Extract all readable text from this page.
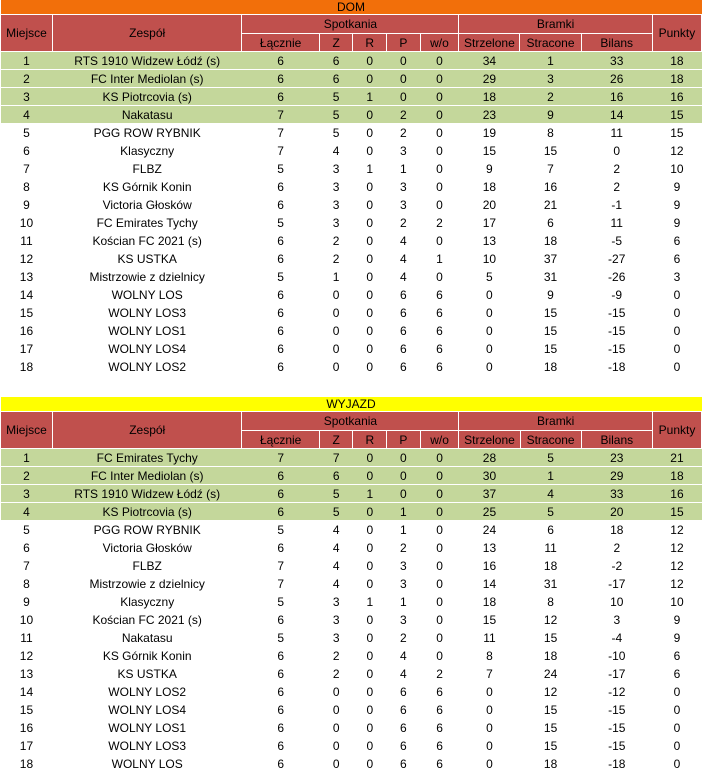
DOM										
Miejsce	Zespół	Spotkania					Bramki			Punkty
		Łącznie	Z	R	P	w/o	Strzelone	Stracone	Bilans	
1	RTS 1910 Widzew Łódź (s)	6	6	0	0	0	34	1	33	18
2	FC Inter Mediolan (s)	6	6	0	0	0	29	3	26	18
3	KS Piotrcovia (s)	6	5	1	0	0	18	2	16	16
4	Nakatasu	7	5	0	2	0	23	9	14	15
5	PGG ROW RYBNIK	7	5	0	2	0	19	8	11	15
6	Klasyczny	7	4	0	3	0	15	15	0	12
7	FLBZ	5	3	1	1	0	9	7	2	10
8	KS Górnik Konin	6	3	0	3	0	18	16	2	9
9	Victoria Głosków	6	3	0	3	0	20	21	-1	9
10	FC Emirates Tychy	5	3	0	2	2	17	6	11	9
11	Kościan FC 2021 (s)	6	2	0	4	0	13	18	-5	6
12	KS USTKA	6	2	0	4	1	10	37	-27	6
13	Mistrzowie z dzielnicy	5	1	0	4	0	5	31	-26	3
14	WOLNY LOS	6	0	0	6	6	0	9	-9	0
15	WOLNY LOS3	6	0	0	6	6	0	15	-15	0
16	WOLNY LOS1	6	0	0	6	6	0	15	-15	0
17	WOLNY LOS4	6	0	0	6	6	0	15	-15	0
18	WOLNY LOS2	6	0	0	6	6	0	18	-18	0
WYJAZD										
Miejsce	Zespół	Spotkania					Bramki			Punkty
		Łącznie	Z	R	P	w/o	Strzelone	Stracone	Bilans	
1	FC Emirates Tychy	7	7	0	0	0	28	5	23	21
2	FC Inter Mediolan (s)	6	6	0	0	0	30	1	29	18
3	RTS 1910 Widzew Łódź (s)	6	5	1	0	0	37	4	33	16
4	KS Piotrcovia (s)	6	5	0	1	0	25	5	20	15
5	PGG ROW RYBNIK	5	4	0	1	0	24	6	18	12
6	Victoria Głosków	6	4	0	2	0	13	11	2	12
7	FLBZ	7	4	0	3	0	16	18	-2	12
8	Mistrzowie z dzielnicy	7	4	0	3	0	14	31	-17	12
9	Klasyczny	5	3	1	1	0	18	8	10	10
10	Kościan FC 2021 (s)	6	3	0	3	0	15	12	3	9
11	Nakatasu	5	3	0	2	0	11	15	-4	9
12	KS Górnik Konin	6	2	0	4	0	8	18	-10	6
13	KS USTKA	6	2	0	4	2	7	24	-17	6
14	WOLNY LOS2	6	0	0	6	6	0	12	-12	0
15	WOLNY LOS4	6	0	0	6	6	0	15	-15	0
16	WOLNY LOS1	6	0	0	6	6	0	15	-15	0
17	WOLNY LOS3	6	0	0	6	6	0	15	-15	0
18	WOLNY LOS	6	0	0	6	6	0	18	-18	0
